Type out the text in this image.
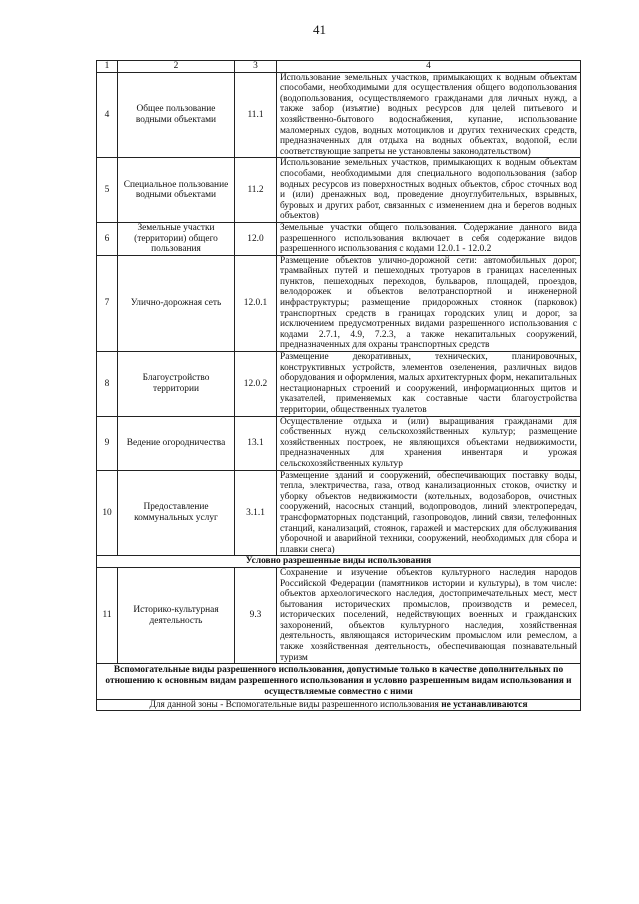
41
1	2	3	4
4	Общее пользование водными объектами	11.1	Использование земельных участков, примыкающих к водным объектам способами, необходимыми для осуществления общего водопользования (водопользования, осуществляемого гражданами для личных нужд, а также забор (изъятие) водных ресурсов для целей питьевого и хозяйственно-бытового водоснабжения, купание, использование маломерных судов, водных мотоциклов и других технических средств, предназначенных для отдыха на водных объектах, водопой, если соответствующие запреты не установлены законодательством)
5	Специальное пользование водными объектами	11.2	Использование земельных участков, примыкающих к водным объектам способами, необходимыми для специального водопользования (забор водных ресурсов из поверхностных водных объектов, сброс сточных вод и (или) дренажных вод, проведение дноуглубительных, взрывных, буровых и других работ, связанных с изменением дна и берегов водных объектов)
6	Земельные участки (территории) общего пользования	12.0	Земельные участки общего пользования. Содержание данного вида разрешенного использования включает в себя содержание видов разрешенного использования с кодами 12.0.1 - 12.0.2
7	Улично-дорожная сеть	12.0.1	Размещение объектов улично-дорожной сети: автомобильных дорог, трамвайных путей и пешеходных тротуаров в границах населенных пунктов, пешеходных переходов, бульваров, площадей, проездов, велодорожек и объектов велотранспортной и инженерной инфраструктуры; размещение придорожных стоянок (парковок) транспортных средств в границах городских улиц и дорог, за исключением предусмотренных видами разрешенного использования с кодами 2.7.1, 4.9, 7.2.3, а также некапитальных сооружений, предназначенных для охраны транспортных средств
8	Благоустройство территории	12.0.2	Размещение декоративных, технических, планировочных, конструктивных устройств, элементов озеленения, различных видов оборудования и оформления, малых архитектурных форм, некапитальных нестационарных строений и сооружений, информационных щитов и указателей, применяемых как составные части благоустройства территории, общественных туалетов
9	Ведение огородничества	13.1	Осуществление отдыха и (или) выращивания гражданами для собственных нужд сельскохозяйственных культур; размещение хозяйственных построек, не являющихся объектами недвижимости, предназначенных для хранения инвентаря и урожая сельскохозяйственных культур
10	Предоставление коммунальных услуг	3.1.1	Размещение зданий и сооружений, обеспечивающих поставку воды, тепла, электричества, газа, отвод канализационных стоков, очистку и уборку объектов недвижимости (котельных, водозаборов, очистных сооружений, насосных станций, водопроводов, линий электропередач, трансформаторных подстанций, газопроводов, линий связи, телефонных станций, канализаций, стоянок, гаражей и мастерских для обслуживания уборочной и аварийной техники, сооружений, необходимых для сбора и плавки снега)
Условно разрешенные виды использования			
11	Историко-культурная деятельность	9.3	Сохранение и изучение объектов культурного наследия народов Российской Федерации (памятников истории и культуры), в том числе: объектов археологического наследия, достопримечательных мест, мест бытования исторических промыслов, производств и ремесел, исторических поселений, недействующих военных и гражданских захоронений, объектов культурного наследия, хозяйственная деятельность, являющаяся историческим промыслом или ремеслом, а также хозяйственная деятельность, обеспечивающая познавательный туризм
Вспомогательные виды разрешенного использования, допустимые только в качестве дополнительных по отношению к основным видам разрешенного использования и условно разрешенным видам использования и осуществляемые совместно с ними			
Для данной зоны - Вспомогательные виды разрешенного использования не устанавливаются			
